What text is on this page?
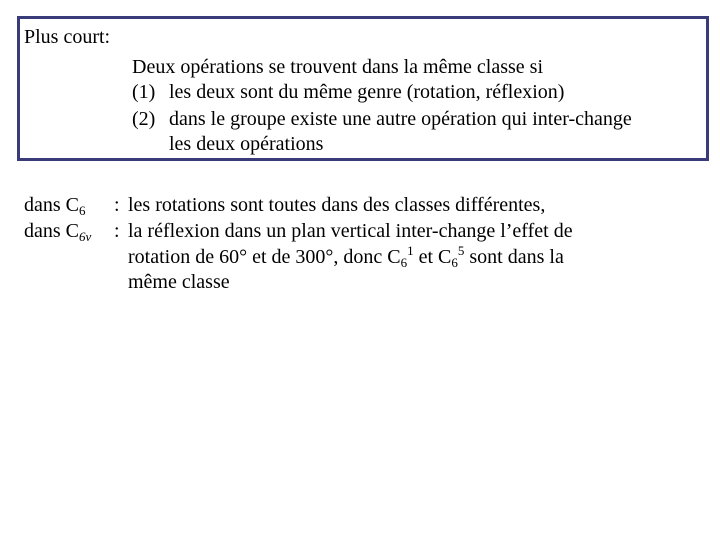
Plus court:
Deux opérations se trouvent dans la même classe si
(1) les deux sont du même genre (rotation, réflexion)
(2) dans le groupe existe une autre opération qui inter-change
les deux opérations
dans $C_6$ : les rotations sont toutes dans des classes différentes,
dans $C_{6v}$ : la réflexion dans un plan vertical inter-change l’effet de
rotation de 60° et de 300°, donc $C_6^1$ et $C_6^5$ sont dans la
même classe
